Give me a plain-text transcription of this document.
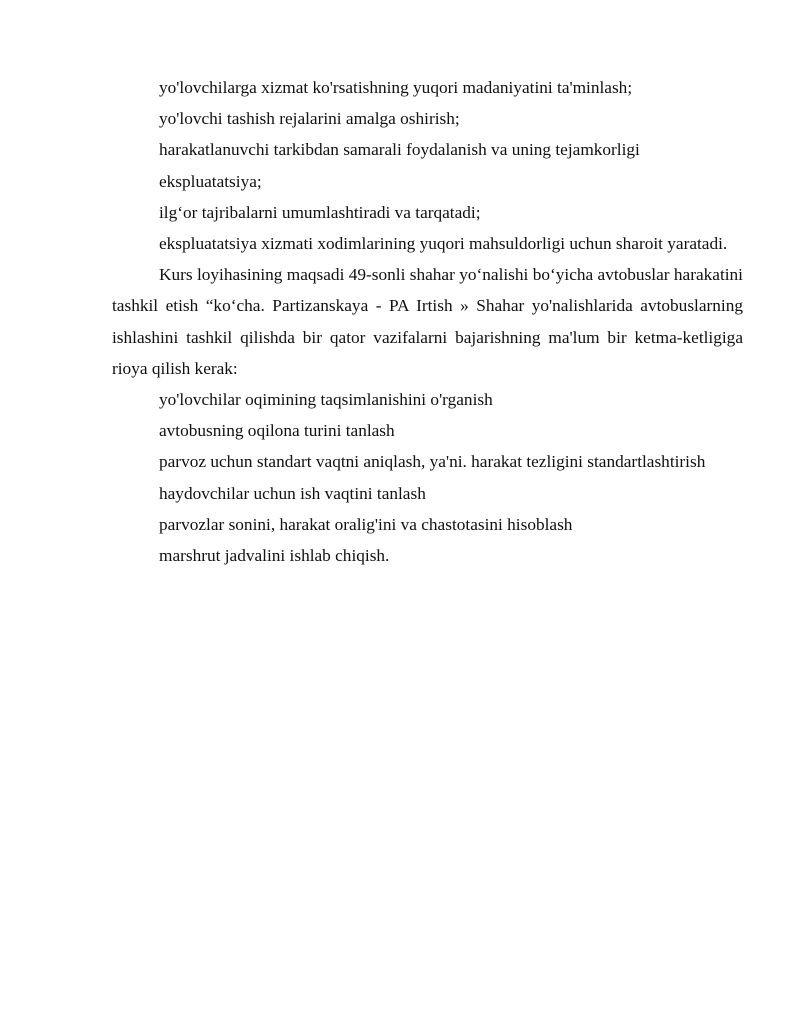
yo'lovchilarga xizmat ko'rsatishning yuqori madaniyatini ta'minlash;

yo'lovchi tashish rejalarini amalga oshirish;

harakatlanuvchi tarkibdan samarali foydalanish va uning tejamkorligi

ekspluatatsiya;

ilg‘or tajribalarni umumlashtiradi va tarqatadi;

ekspluatatsiya xizmati xodimlarining yuqori mahsuldorligi uchun sharoit yaratadi.

Kurs loyihasining maqsadi 49-sonli shahar yo‘nalishi bo‘yicha avtobuslar harakatini tashkil etish “ko‘cha. Partizanskaya - PA Irtish » Shahar yo'nalishlarida avtobuslarning ishlashini tashkil qilishda bir qator vazifalarni bajarishning ma'lum bir ketma-ketligiga rioya qilish kerak:

yo'lovchilar oqimining taqsimlanishini o'rganish

avtobusning oqilona turini tanlash

parvoz uchun standart vaqtni aniqlash, ya'ni. harakat tezligini standartlashtirish

haydovchilar uchun ish vaqtini tanlash

parvozlar sonini, harakat oralig'ini va chastotasini hisoblash

marshrut jadvalini ishlab chiqish.
